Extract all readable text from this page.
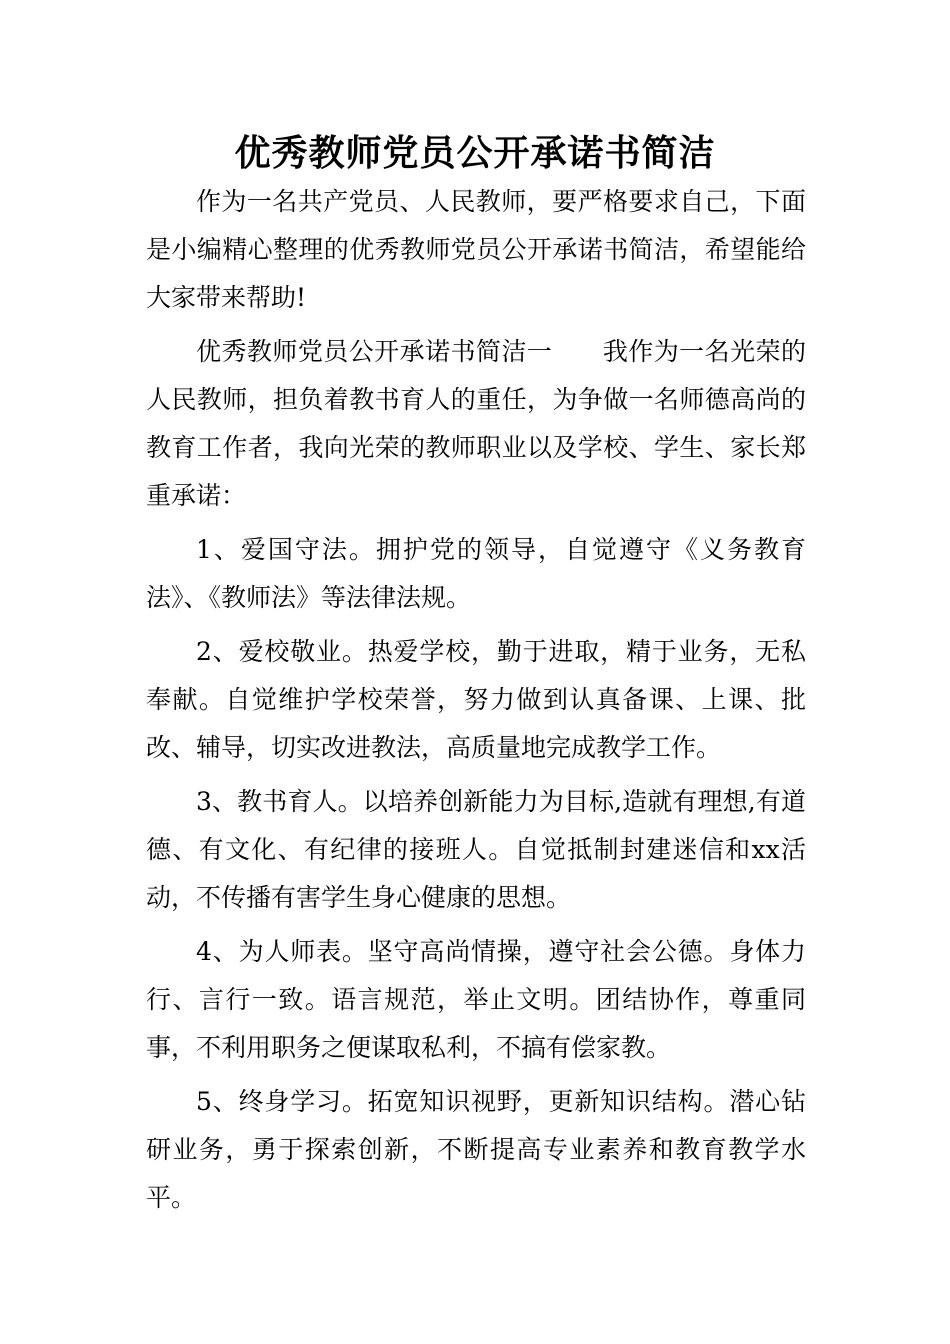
优秀教师党员公开承诺书简洁

作为一名共产党员、人民教师，要严格要求自己，下面是小编精心整理的优秀教师党员公开承诺书简洁，希望能给大家带来帮助!

优秀教师党员公开承诺书简洁一 我作为一名光荣的人民教师，担负着教书育人的重任，为争做一名师德高尚的教育工作者，我向光荣的教师职业以及学校、学生、家长郑重承诺：

1、爱国守法。拥护党的领导，自觉遵守《义务教育法》、《教师法》等法律法规。

2、爱校敬业。热爱学校，勤于进取，精于业务，无私奉献。自觉维护学校荣誉，努力做到认真备课、上课、批改、辅导，切实改进教法，高质量地完成教学工作。

3、教书育人。以培养创新能力为目标,造就有理想,有道德、有文化、有纪律的接班人。自觉抵制封建迷信和xx活动，不传播有害学生身心健康的思想。

4、为人师表。坚守高尚情操，遵守社会公德。身体力行、言行一致。语言规范，举止文明。团结协作，尊重同事，不利用职务之便谋取私利，不搞有偿家教。

5、终身学习。拓宽知识视野，更新知识结构。潜心钻研业务，勇于探索创新，不断提高专业素养和教育教学水平。
